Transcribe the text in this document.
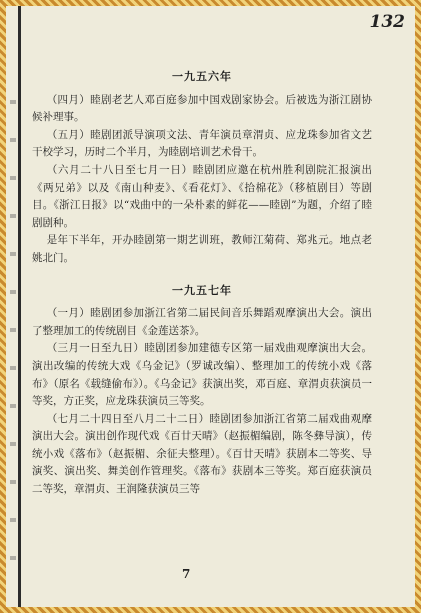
132
一九五六年

（四月）睦剧老艺人邓百庭参加中国戏剧家协会。后被选为浙江剧协候补理事。

（五月）睦剧团派导演项文法、青年演员章渭贞、应龙珠参加省文艺干校学习，历时二个半月，为睦剧培训艺术骨干。

（六月二十八日至七月一日）睦剧团应邀在杭州胜利剧院汇报演出《两兄弟》以及《南山种麦》、《看花灯》、《拾棉花》（移植剧目）等剧目。《浙江日报》以“戏曲中的一朵朴素的鲜花——睦剧”为题，介绍了睦剧剧种。

是年下半年，开办睦剧第一期艺训班，教师江菊荷、郑兆元。地点老姚北门。

一九五七年

（一月）睦剧团参加浙江省第二届民间音乐舞蹈观摩演出大会。演出了整理加工的传统剧目《金莲送茶》。

（三月一日至九日）睦剧团参加建德专区第一届戏曲观摩演出大会。演出改编的传统大戏《乌金记》（罗诚改编）、整理加工的传统小戏《落布》（原名《载缝偷布》）。《乌金记》获演出奖，邓百庭、章渭贞获演员一等奖，方正奖，应龙珠获演员三等奖。

（七月二十四日至八月二十二日）睦剧团参加浙江省第二届戏曲观摩演出大会。演出创作现代戏《百廿天晴》（赵振楣编剧，陈冬彝导演），传统小戏《落布》（赵振楣、余征夫整理）。《百廿天晴》获剧本二等奖、导演奖、演出奖、舞美创作管理奖。《落布》获剧本三等奖。郑百庭获演员二等奖，章渭贞、王润隆获演员三等

7
